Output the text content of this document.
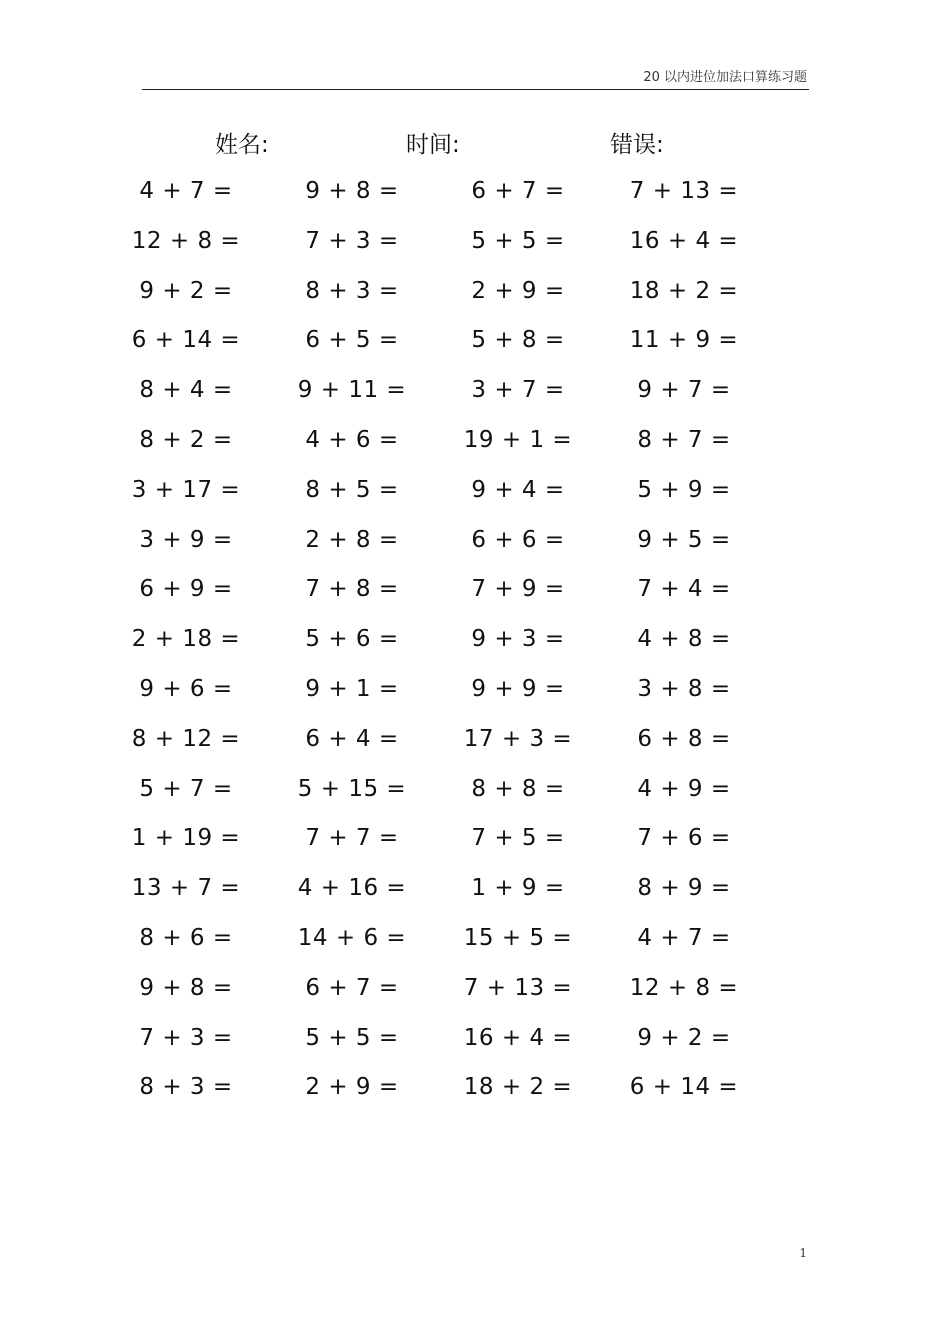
20 以内进位加法口算练习题
姓名:	时间:	错误:
4 + 7 =	9 + 8 =	6 + 7 =	7 + 13 =
12 + 8 =	7 + 3 =	5 + 5 =	16 + 4 =
9 + 2 =	8 + 3 =	2 + 9 =	18 + 2 =
6 + 14 =	6 + 5 =	5 + 8 =	11 + 9 =
8 + 4 =	9 + 11 =	3 + 7 =	9 + 7 =
8 + 2 =	4 + 6 =	19 + 1 =	8 + 7 =
3 + 17 =	8 + 5 =	9 + 4 =	5 + 9 =
3 + 9 =	2 + 8 =	6 + 6 =	9 + 5 =
6 + 9 =	7 + 8 =	7 + 9 =	7 + 4 =
2 + 18 =	5 + 6 =	9 + 3 =	4 + 8 =
9 + 6 =	9 + 1 =	9 + 9 =	3 + 8 =
8 + 12 =	6 + 4 =	17 + 3 =	6 + 8 =
5 + 7 =	5 + 15 =	8 + 8 =	4 + 9 =
1 + 19 =	7 + 7 =	7 + 5 =	7 + 6 =
13 + 7 =	4 + 16 =	1 + 9 =	8 + 9 =
8 + 6 =	14 + 6 =	15 + 5 =	4 + 7 =
9 + 8 =	6 + 7 =	7 + 13 =	12 + 8 =
7 + 3 =	5 + 5 =	16 + 4 =	9 + 2 =
8 + 3 =	2 + 9 =	18 + 2 =	6 + 14 =
1
